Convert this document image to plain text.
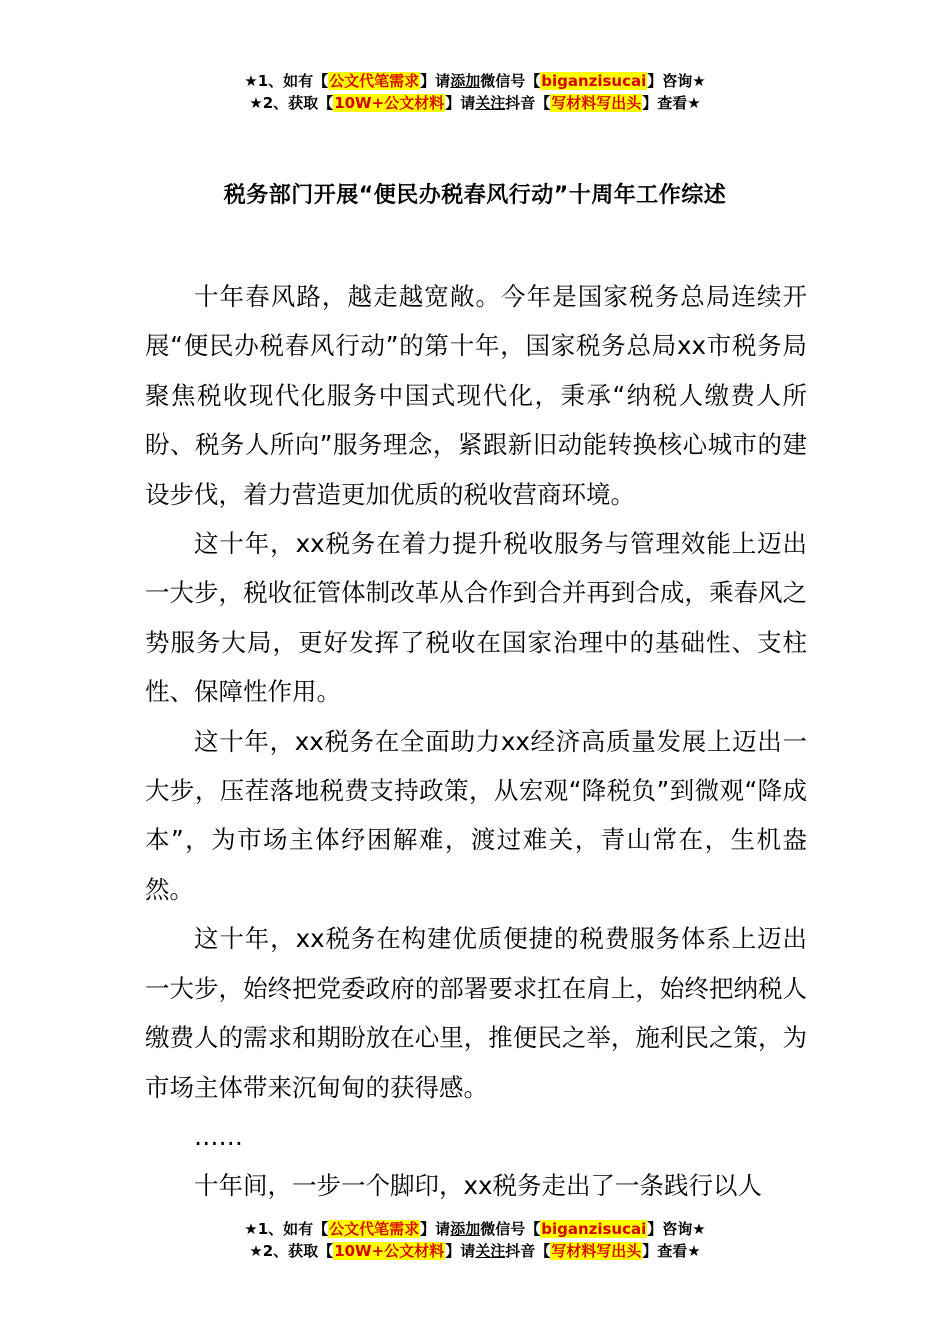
★1、如有【公文代笔需求】请添加微信号【biganzisucai】咨询★
★2、获取【10W+公文材料】请关注抖音【写材料写出头】查看★
税务部门开展“便民办税春风行动”十周年工作综述

十年春风路，越走越宽敞。今年是国家税务总局连续开展“便民办税春风行动”的第十年，国家税务总局xx市税务局聚焦税收现代化服务中国式现代化，秉承“纳税人缴费人所盼、税务人所向”服务理念，紧跟新旧动能转换核心城市的建设步伐，着力营造更加优质的税收营商环境。

这十年，xx税务在着力提升税收服务与管理效能上迈出一大步，税收征管体制改革从合作到合并再到合成，乘春风之势服务大局，更好发挥了税收在国家治理中的基础性、支柱性、保障性作用。

这十年，xx税务在全面助力xx经济高质量发展上迈出一大步，压茬落地税费支持政策，从宏观“降税负”到微观“降成本”，为市场主体纾困解难，渡过难关，青山常在，生机盎然。

这十年，xx税务在构建优质便捷的税费服务体系上迈出一大步，始终把党委政府的部署要求扛在肩上，始终把纳税人缴费人的需求和期盼放在心里，推便民之举，施利民之策，为市场主体带来沉甸甸的获得感。

……

十年间，一步一个脚印，xx税务走出了一条践行以人

★1、如有【公文代笔需求】请添加微信号【biganzisucai】咨询★
★2、获取【10W+公文材料】请关注抖音【写材料写出头】查看★
